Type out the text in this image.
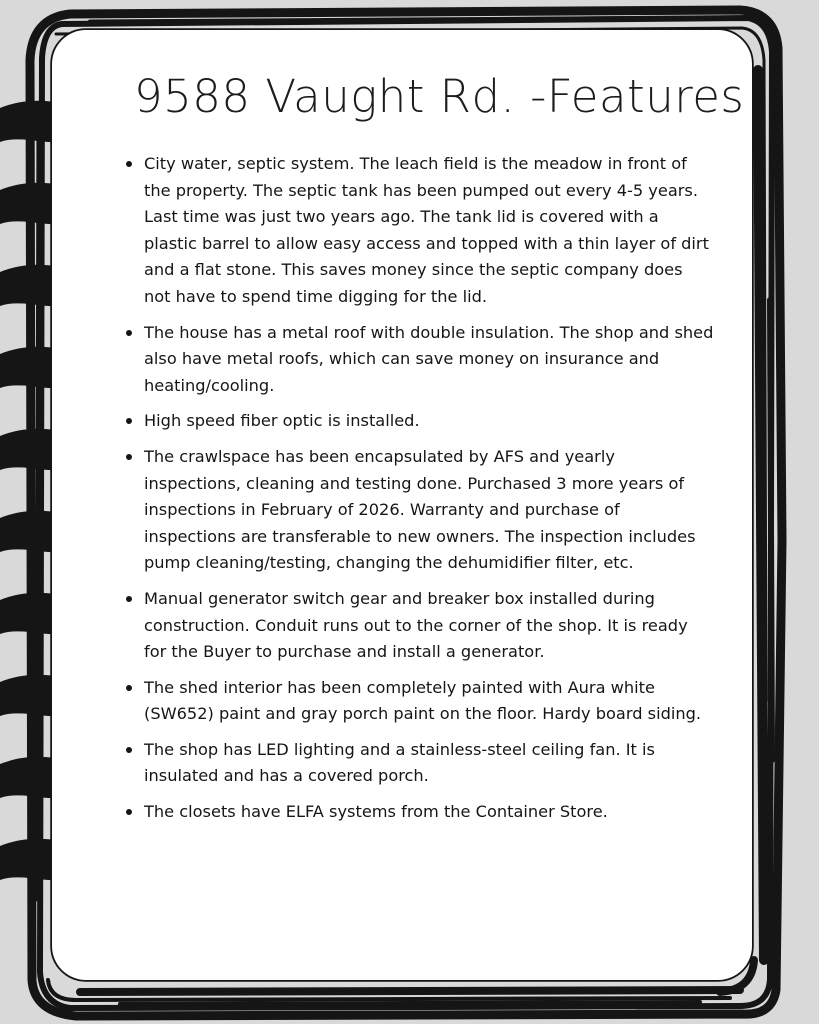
9588 Vaught Rd. -Features
City water, septic system. The leach field is the meadow in front of the property. The septic tank has been pumped out every 4-5 years. Last time was just two years ago. The tank lid is covered with a plastic barrel to allow easy access and topped with a thin layer of dirt and a flat stone. This saves money since the septic company does not have to spend time digging for the lid.
The house has a metal roof with double insulation. The shop and shed also have metal roofs, which can save money on insurance and heating/cooling.
High speed fiber optic is installed.
The crawlspace has been encapsulated by AFS and yearly inspections, cleaning and testing done. Purchased 3 more years of inspections in February of 2026. Warranty and purchase of inspections are transferable to new owners. The inspection includes pump cleaning/testing, changing the dehumidifier filter, etc.
Manual generator switch gear and breaker box installed during construction. Conduit runs out to the corner of the shop. It is ready for the Buyer to purchase and install a generator.
The shed interior has been completely painted with Aura white (SW652) paint and gray porch paint on the floor. Hardy board siding.
The shop has LED lighting and a stainless-steel ceiling fan. It is insulated and has a covered porch.
The closets have ELFA systems from the Container Store.
